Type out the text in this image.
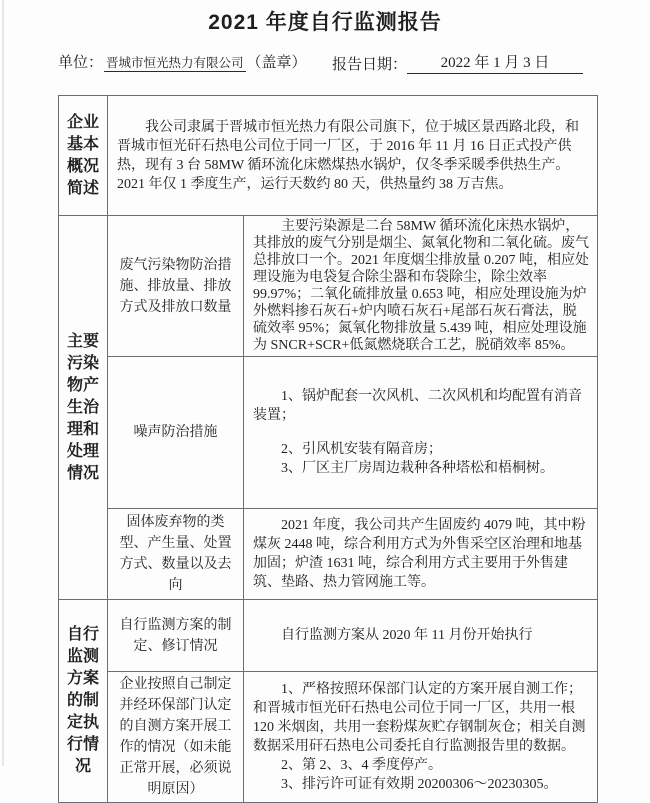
2021 年度自行监测报告
单位： 晋城市恒光热力有限公司 （盖章） 报告日期： 2022 年 1 月 3 日
企业基本概况简述	我公司隶属于晋城市恒光热力有限公司旗下，位于城区景西路北段，和晋城市恒光矸石热电公司位于同一厂区，于 2016 年 11 月 16 日正式投产供热，现有 3 台 58MW 循环流化床燃煤热水锅炉，仅冬季采暖季供热生产。2021 年仅 1 季度生产，运行天数约 80 天，供热量约 38 万吉焦。	

主要污染物产生治理和处理情况	废气污染物防治措施、排放量、排放方式及排放口数量	主要污染源是二台 58MW 循环流化床热水锅炉，其排放的废气分别是烟尘、氮氧化物和二氧化硫。废气总排放口一个。2021 年度烟尘排放量 0.207 吨，相应处理设施为电袋复合除尘器和布袋除尘，除尘效率 99.97%；二氧化硫排放量 0.653 吨，相应处理设施为炉外燃料掺石灰石+炉内喷石灰石+尾部石灰石膏法，脱硫效率 95%；氮氧化物排放量 5.439 吨，相应处理设施为 SNCR+SCR+低氮燃烧联合工艺，脱硝效率 85%。

	噪声防治措施	1、锅炉配套一次风机、二次风机和均配置有消音装置；

2、引风机安装有隔音房；

3、厂区主厂房周边栽种各种塔松和梧桐树。

	固体废弃物的类型、产生量、处置方式、数量以及去向	2021 年度，我公司共产生固废约 4079 吨，其中粉煤灰 2448 吨，综合利用方式为外售采空区治理和地基加固；炉渣 1631 吨，综合利用方式主要用于外售建筑、垫路、热力管网施工等。

自行监测方案的制定执行情况	自行监测方案的制定、修订情况	自行监测方案从 2020 年 11 月份开始执行

	企业按照自己制定并经环保部门认定的自测方案开展工作的情况（如未能正常开展，必须说明原因）	1、严格按照环保部门认定的方案开展自测工作；和晋城市恒光矸石热电公司位于同一厂区，共用一根 120 米烟囱，共用一套粉煤灰贮存钢制灰仓；相关自测数据采用矸石热电公司委托自行监测报告里的数据。

2、第 2、3、4 季度停产。

3、排污许可证有效期 20200306～20230305。
